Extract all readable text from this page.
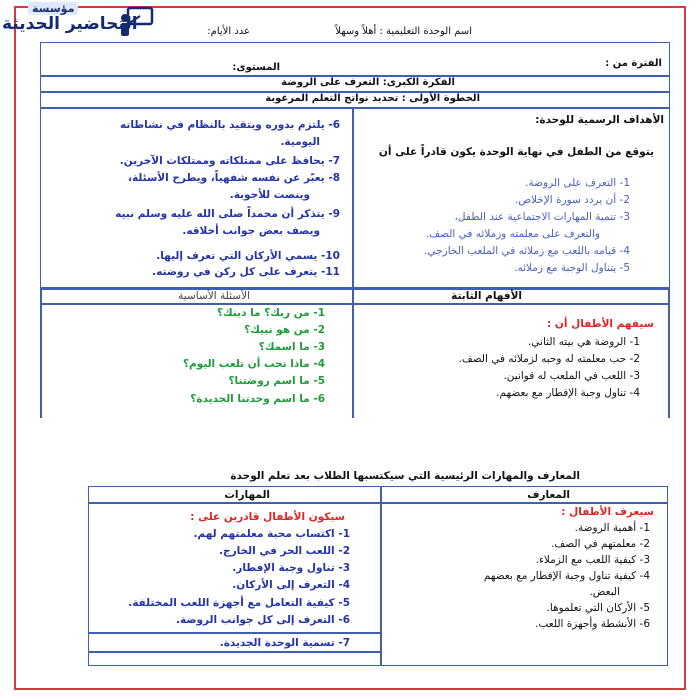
مؤسسة
التحاضير الحديثة	اسم الوحدة التعليمية : أهلاً وسهلاً
عدد الأيام:
الفترة من :
المستوى:
الفكرة الكبرى: التعرف على الروضة
الخطوة الأولى : تحديد نواتج التعلم المرغوبة
الأهداف الرسمية للوحدة:
يتوقع من الطفل في نهاية الوحدة يكون قادراً على أن
1- التعرف على الروضة.
2- أن يردد سورة الإخلاص.
3- تنمية المهارات الاجتماعية عند الطفل،
والتعرف على معلمته وزملائه في الصف.
4- قيامه باللعب مع زملائه في الملعب الخارجي.
5- يتناول الوجبة مع زملائه.
6- يلتزم بدوره ويتقيد بالنظام في نشاطاته
اليومية.
7- يحافظ على ممتلكاته وممتلكات الآخرين.
8- يعبّر عن نفسه شفهياً، ويطرح الأسئلة،
وينصت للأجوبة.
9- يتذكر أن محمداً صلى الله عليه وسلم نبيه
ويصف بعض جوانب أخلاقه.
10- يسمي الأركان التي تعرف إليها.
11- يتعرف على كل ركن في روضته.
الأفهام الثابتة
الأسئلة الأساسية
سيفهم الأطفال أن :
1- الروضة هي بيته الثاني.
2- حب معلمته له وحبه لزملائه في الصف.
3- اللعب في الملعب له قوانين.
4- تناول وجبة الإفطار مع بعضهم.
1- من ربك؟ ما دينك؟
2- من هو نبيك؟
3- ما اسمك؟
4- ماذا تحب أن تلعب اليوم؟
5- ما اسم روضتنا؟
6- ما اسم وحدتنا الجديدة؟
المعارف والمهارات الرئيسية التي سيكتسبها الطلاب بعد تعلم الوحدة
المعارف
المهارات
سيعرف الأطفال :
1- أهمية الروضة.
2- معلمتهم في الصف.
3- كيفية اللعب مع الزملاء.
4- كيفية تناول وجبة الإفطار مع بعضهم
البعض.
5- الأركان التي تعلموها.
6- الأنشطة وأجهزة اللعب.
سيكون الأطفال قادرين على :
1- اكتساب محبة معلمتهم لهم.
2- اللعب الحر في الخارج.
3- تناول وجبة الإفطار.
4- التعرف إلى الأركان.
5- كيفية التعامل مع أجهزة اللعب المختلفة.
6- التعرف إلى كل جوانب الروضة.
7- تسمية الوحدة الجديدة.
